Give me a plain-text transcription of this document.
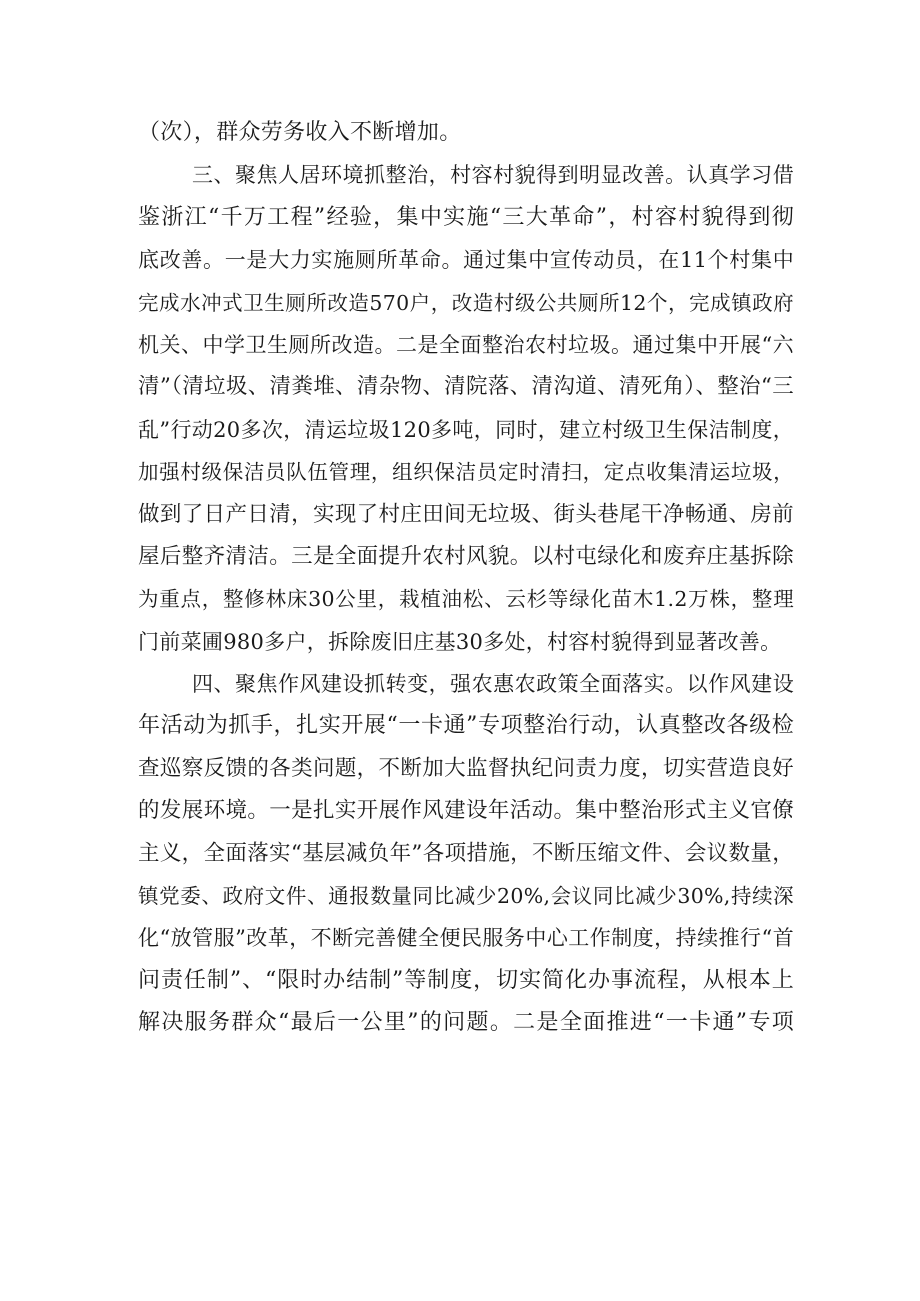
（次），群众劳务收入不断增加。
三、聚焦人居环境抓整治，村容村貌得到明显改善。认真学习借
鉴浙江“千万工程”经验，集中实施“三大革命”，村容村貌得到彻
底改善。一是大力实施厕所革命。通过集中宣传动员，在11个村集中
完成水冲式卫生厕所改造570户，改造村级公共厕所12个，完成镇政府
机关、中学卫生厕所改造。二是全面整治农村垃圾。通过集中开展“六
清”（清垃圾、清粪堆、清杂物、清院落、清沟道、清死角）、整治“三
乱”行动20多次，清运垃圾120多吨，同时，建立村级卫生保洁制度，
加强村级保洁员队伍管理，组织保洁员定时清扫，定点收集清运垃圾，
做到了日产日清，实现了村庄田间无垃圾、街头巷尾干净畅通、房前
屋后整齐清洁。三是全面提升农村风貌。以村屯绿化和废弃庄基拆除
为重点，整修林床30公里，栽植油松、云杉等绿化苗木1.2万株，整理
门前菜圃980多户，拆除废旧庄基30多处，村容村貌得到显著改善。
四、聚焦作风建设抓转变，强农惠农政策全面落实。以作风建设
年活动为抓手，扎实开展“一卡通”专项整治行动，认真整改各级检
查巡察反馈的各类问题，不断加大监督执纪问责力度，切实营造良好
的发展环境。一是扎实开展作风建设年活动。集中整治形式主义官僚
主义，全面落实“基层减负年”各项措施，不断压缩文件、会议数量，
镇党委、政府文件、通报数量同比减少20%,会议同比减少30%,持续深
化“放管服”改革，不断完善健全便民服务中心工作制度，持续推行“首
问责任制”、“限时办结制”等制度，切实简化办事流程，从根本上
解决服务群众“最后一公里”的问题。二是全面推进“一卡通”专项
